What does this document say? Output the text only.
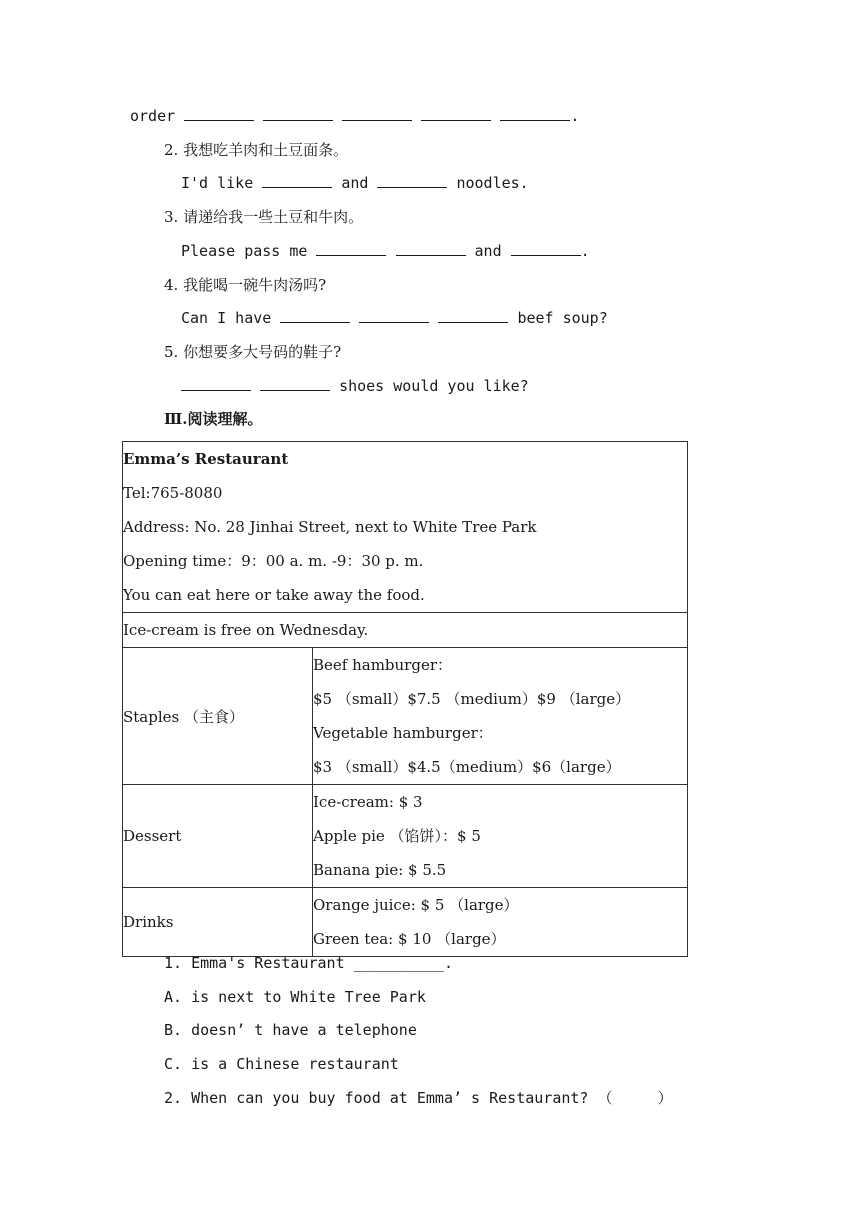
order	.
2. 我想吃羊肉和土豆面条。
I'd like	and	noodles.
3. 请递给我一些土豆和牛肉。
Please pass me	and	.
4. 我能喝一碗牛肉汤吗?
Can I have	beef soup?
5. 你想要多大号码的鞋子?
shoes would you like?
Ⅲ.阅读理解。
Emma’s Restaurant
Tel:765-8080
Address: No. 28 Jinhai Street, next to White Tree Park
Opening time：9：00 a. m. -9：30 p. m.
You can eat here or take away the food.	

Ice-cream is free on Wednesday.	

Staples （主食）	Beef hamburger：
$5 （small）$7.5 （medium）$9 （large）
Vegetable hamburger：
$3 （small）$4.5（medium）$6（large）

Dessert	Ice-cream: $ 3
Apple pie （馅饼）：$ 5
Banana pie: $ 5.5

Drinks	Orange juice: $ 5 （large）
Green tea: $ 10 （large）
1. Emma's Restaurant __________.
A. is next to White Tree Park
B. doesn’ t have a telephone
C. is a Chinese restaurant
2. When can you buy food at Emma’ s Restaurant? （     ）
